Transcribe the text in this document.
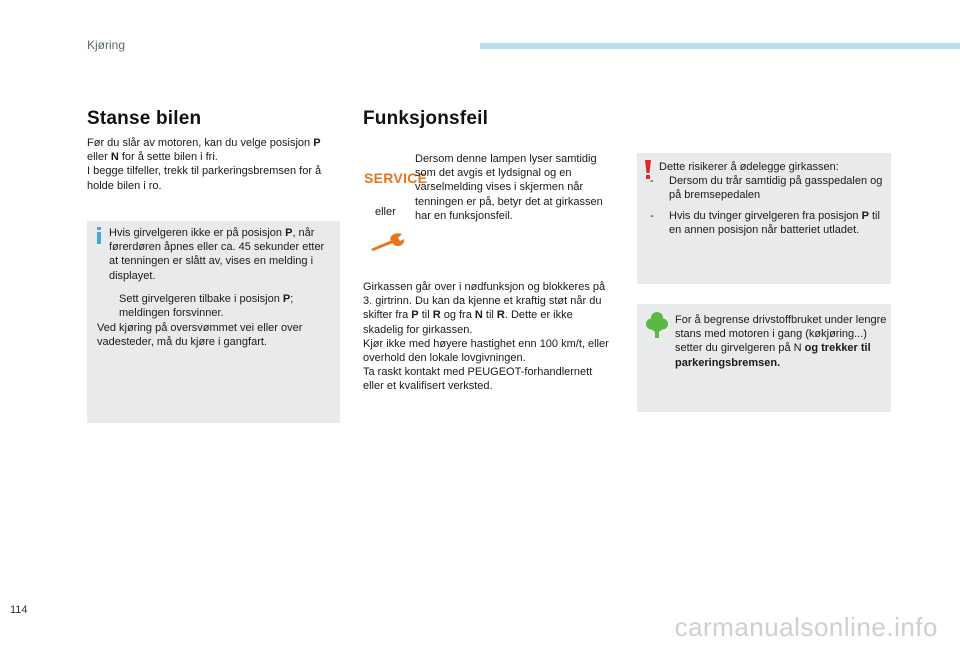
Kjøring
Stanse bilen

Før du slår av motoren, kan du velge posisjon P eller N for å sette bilen i fri.

I begge tilfeller, trekk til parkeringsbremsen for å holde bilen i ro.

Hvis girvelgeren ikke er på posisjon P, når førerdøren åpnes eller ca. 45 sekunder etter at tenningen er slått av, vises en melding i displayet.

Sett girvelgeren tilbake i posisjon P; meldingen forsvinner.

Ved kjøring på oversvømmet vei eller over vadesteder, må du kjøre i gangfart.

Funksjonsfeil
SERVICE
eller

Dersom denne lampen lyser samtidig som det avgis et lydsignal og en varselmelding vises i skjermen når tenningen er på, betyr det at girkassen har en funksjonsfeil.

Girkassen går over i nødfunksjon og blokkeres på 3. girtrinn. Du kan da kjenne et kraftig støt når du skifter fra P til R og fra N til R. Dette er ikke skadelig for girkassen.

Kjør ikke med høyere hastighet enn 100 km/t, eller overhold den lokale lovgivningen.

Ta raskt kontakt med PEUGEOT-forhandlernett eller et kvalifisert verksted.

Dette risikerer å ødelegge girkassen:

-	Dersom du trår samtidig på gasspedalen og på bremsepedalen
-	Hvis du tvinger girvelgeren fra posisjon P til en annen posisjon når batteriet utladet.

For å begrense drivstoffbruket under lengre stans med motoren i gang (køkjøring...) setter du girvelgeren på N og trekker til parkeringsbremsen.

114
carmanualsonline.info
